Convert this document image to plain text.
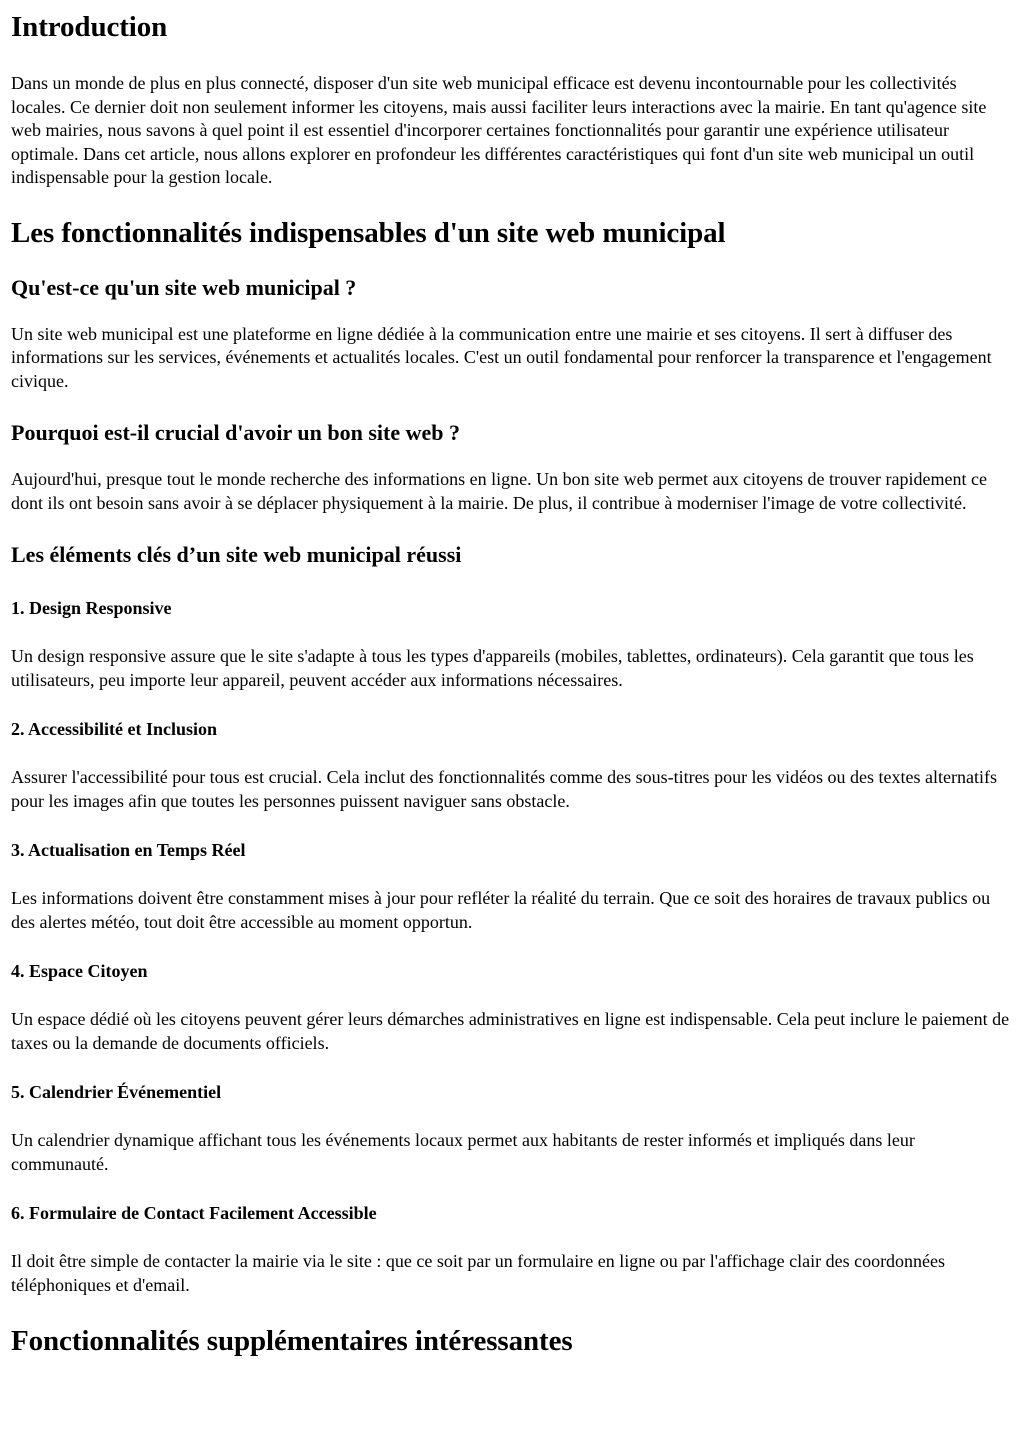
Introduction

Dans un monde de plus en plus connecté, disposer d'un site web municipal efficace est devenu incontournable pour les collectivités locales. Ce dernier doit non seulement informer les citoyens, mais aussi faciliter leurs interactions avec la mairie. En tant qu'agence site web mairies, nous savons à quel point il est essentiel d'incorporer certaines fonctionnalités pour garantir une expérience utilisateur optimale. Dans cet article, nous allons explorer en profondeur les différentes caractéristiques qui font d'un site web municipal un outil indispensable pour la gestion locale.

Les fonctionnalités indispensables d'un site web municipal
Qu'est-ce qu'un site web municipal ?

Un site web municipal est une plateforme en ligne dédiée à la communication entre une mairie et ses citoyens. Il sert à diffuser des informations sur les services, événements et actualités locales. C'est un outil fondamental pour renforcer la transparence et l'engagement civique.

Pourquoi est-il crucial d'avoir un bon site web ?

Aujourd'hui, presque tout le monde recherche des informations en ligne. Un bon site web permet aux citoyens de trouver rapidement ce dont ils ont besoin sans avoir à se déplacer physiquement à la mairie. De plus, il contribue à moderniser l'image de votre collectivité.

Les éléments clés d’un site web municipal réussi
1. Design Responsive

Un design responsive assure que le site s'adapte à tous les types d'appareils (mobiles, tablettes, ordinateurs). Cela garantit que tous les utilisateurs, peu importe leur appareil, peuvent accéder aux informations nécessaires.

2. Accessibilité et Inclusion

Assurer l'accessibilité pour tous est crucial. Cela inclut des fonctionnalités comme des sous-titres pour les vidéos ou des textes alternatifs pour les images afin que toutes les personnes puissent naviguer sans obstacle.

3. Actualisation en Temps Réel

Les informations doivent être constamment mises à jour pour refléter la réalité du terrain. Que ce soit des horaires de travaux publics ou des alertes météo, tout doit être accessible au moment opportun.

4. Espace Citoyen

Un espace dédié où les citoyens peuvent gérer leurs démarches administratives en ligne est indispensable. Cela peut inclure le paiement de taxes ou la demande de documents officiels.

5. Calendrier Événementiel

Un calendrier dynamique affichant tous les événements locaux permet aux habitants de rester informés et impliqués dans leur communauté.

6. Formulaire de Contact Facilement Accessible

Il doit être simple de contacter la mairie via le site : que ce soit par un formulaire en ligne ou par l'affichage clair des coordonnées téléphoniques et d'email.

Fonctionnalités supplémentaires intéressantes
